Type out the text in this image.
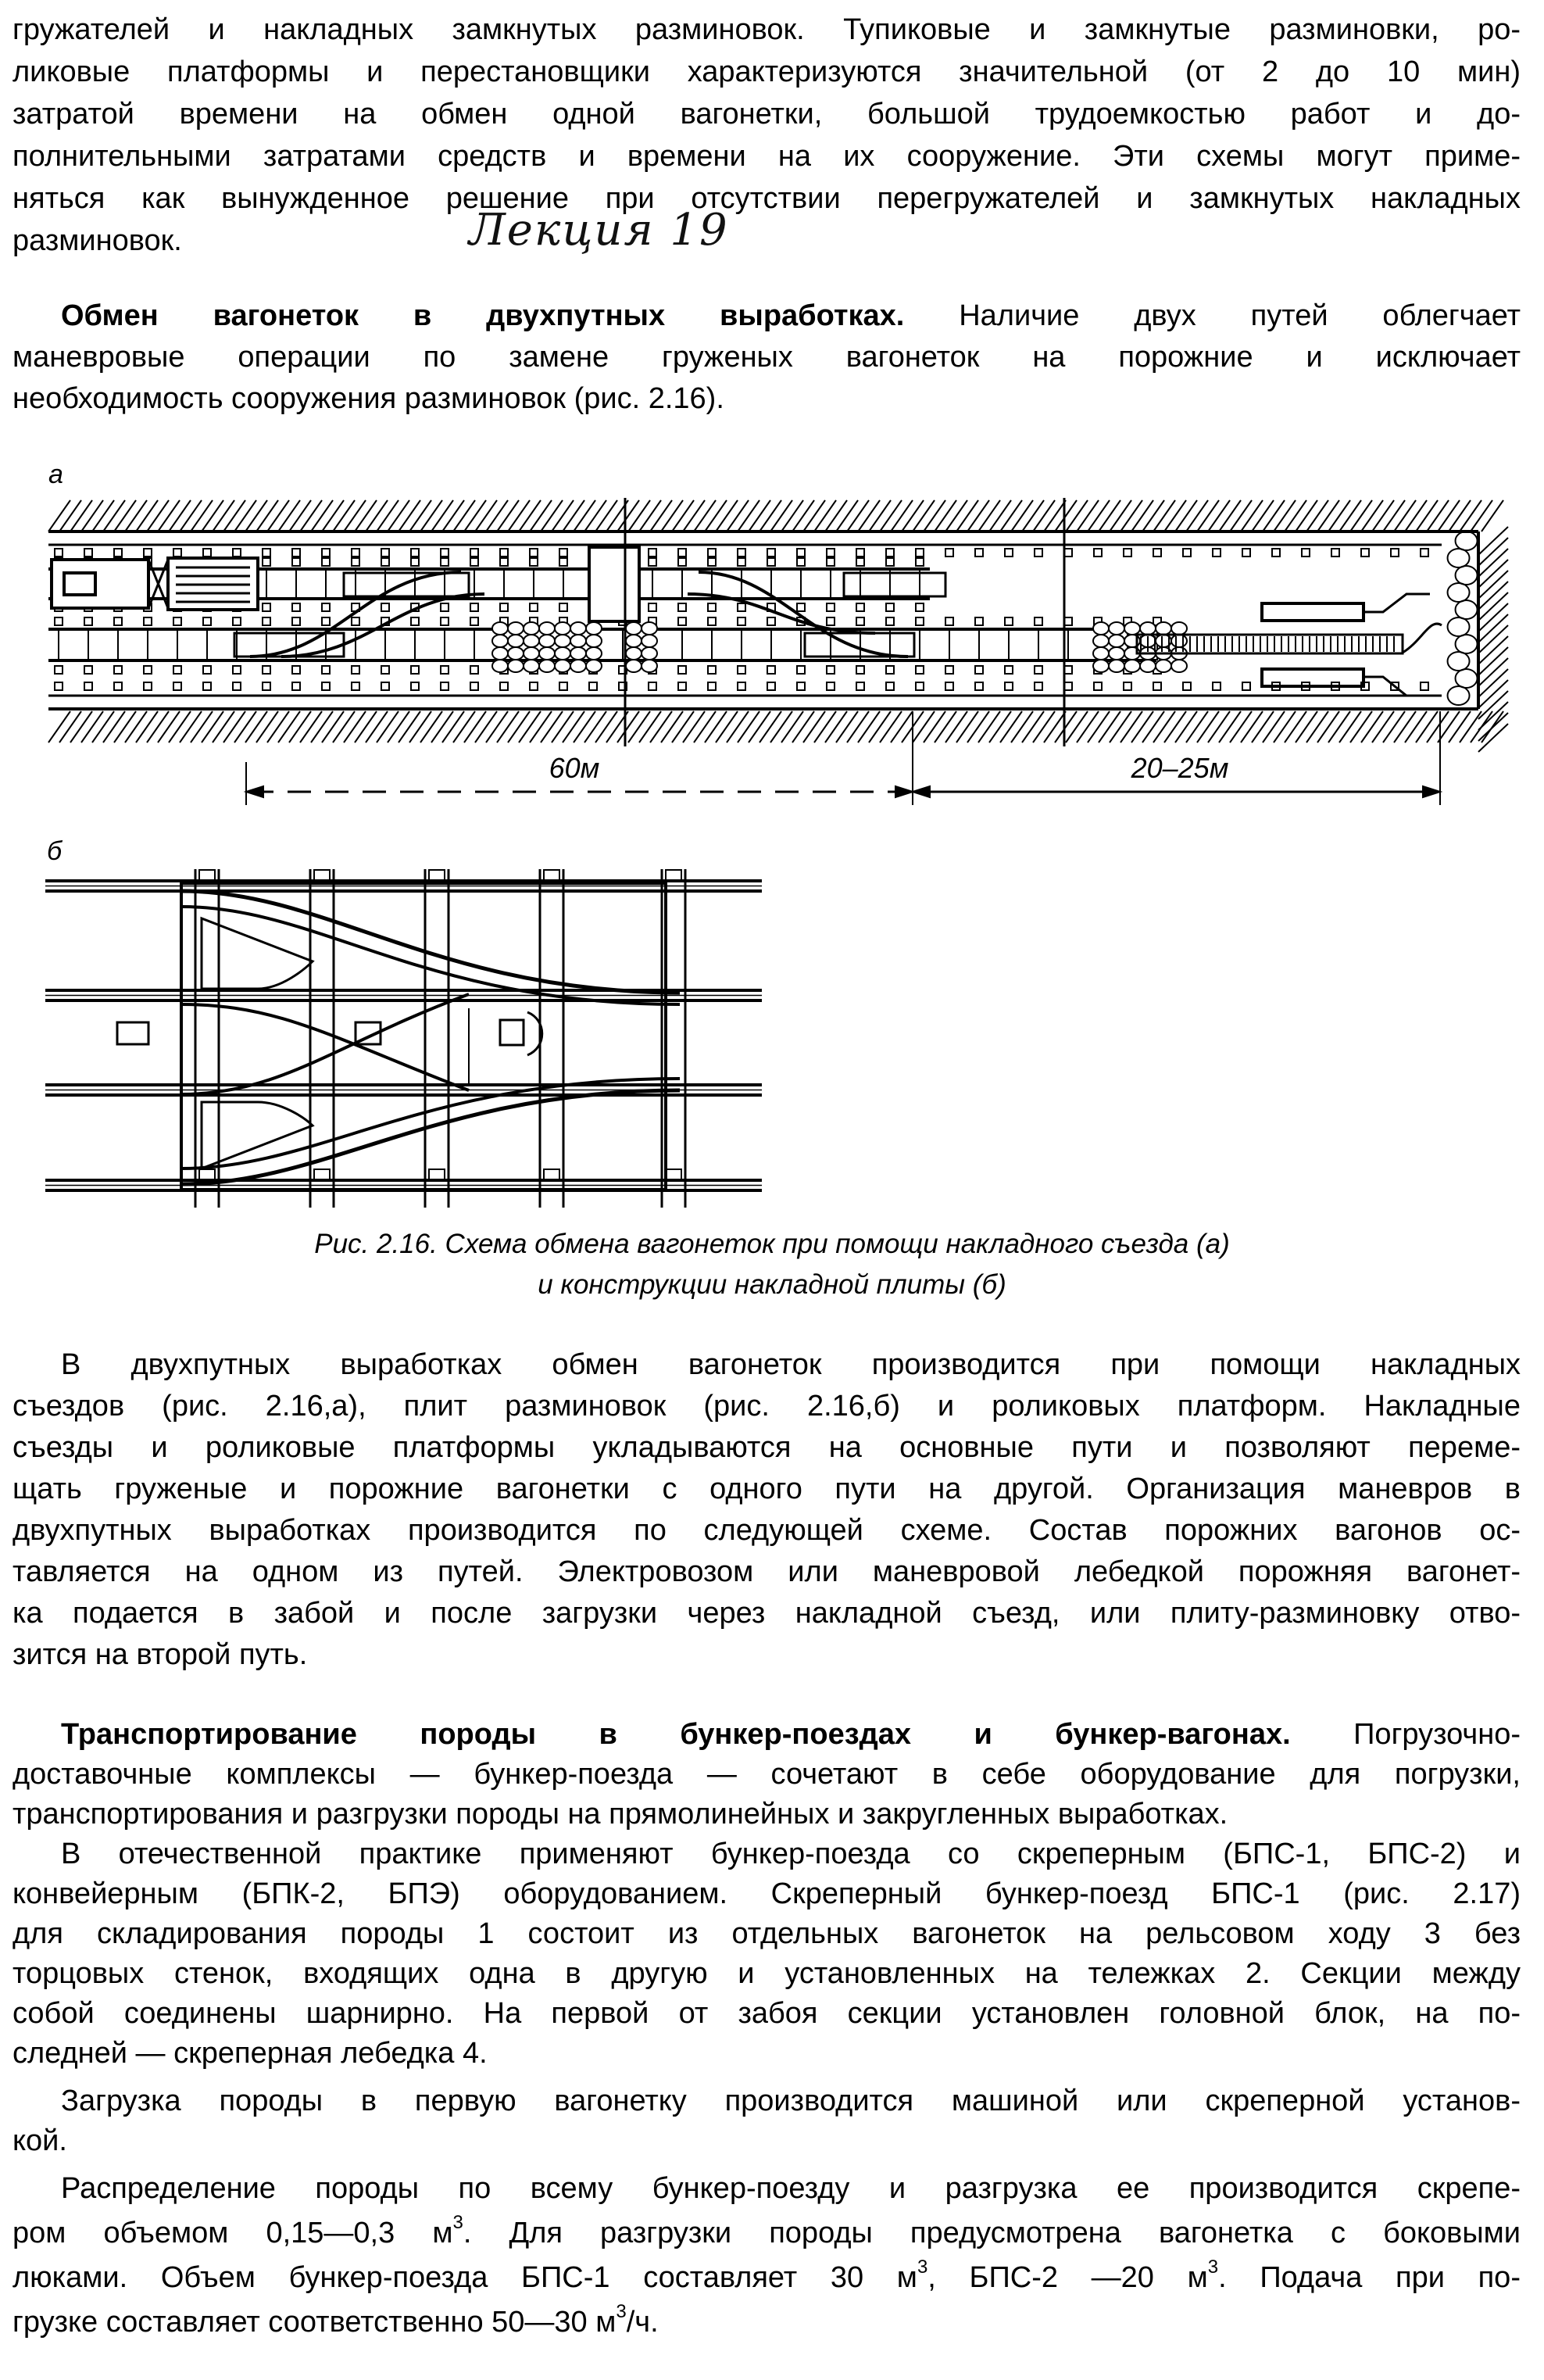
гружателей и накладных замкнутых разминовок. Тупиковые и замкнутые разминовки, ро-
ликовые платформы и перестановщики характеризуются значительной (от 2 до 10 мин)
затратой времени на обмен одной вагонетки, большой трудоемкостью работ и до-
полнительными затратами средств и времени на их сооружение. Эти схемы могут приме-
няться как вынужденное решение при отсутствии перегружателей и замкнутых накладных
разминовок.
Обмен вагонеток в двухпутных выработках. Наличие двух путей облегчает
маневровые операции по замене груженых вагонеток на порожние и исключает
необходимость сооружения разминовок (рис. 2.16).
В двухпутных выработках обмен вагонеток производится при помощи накладных
съездов (рис. 2.16,а), плит разминовок (рис. 2.16,б) и роликовых платформ. Накладные
съезды и роликовые платформы укладываются на основные пути и позволяют переме-
щать груженые и порожние вагонетки с одного пути на другой. Организация маневров в
двухпутных выработках производится по следующей схеме. Состав порожних вагонов ос-
тавляется на одном из путей. Электровозом или маневровой лебедкой порожняя вагонет-
ка подается в забой и после загрузки через накладной съезд, или плиту-разминовку отво-
зится на второй путь.
Транспортирование породы в бункер-поездах и бункер-вагонах. Погрузочно-
доставочные комплексы — бункер-поезда — сочетают в себе оборудование для погрузки,
транспортирования и разгрузки породы на прямолинейных и закругленных выработках.
В отечественной практике применяют бункер-поезда со скреперным (БПС-1, БПС-2) и
конвейерным (БПК-2, БПЭ) оборудованием. Скреперный бункер-поезд БПС-1 (рис. 2.17)
для складирования породы 1 состоит из отдельных вагонеток на рельсовом ходу 3 без
торцовых стенок, входящих одна в другую и установленных на тележках 2. Секции между
собой соединены шарнирно. На первой от забоя секции установлен головной блок, на по-
следней — скреперная лебедка 4.
Загрузка породы в первую вагонетку производится машиной или скреперной установ-
кой.
Распределение породы по всему бункер-поезду и разгрузка ее производится скрепе-
ром объемом 0,15—0,3 $м^3$. Для разгрузки породы предусмотрена вагонетка с боковыми
люками. Объем бункер-поезда БПС-1 составляет 30 $м^3$, БПС-2 —20 $м^3$. Подача при по-
грузке составляет соответственно 50—30 $м^3/ч$.
Лекция 19
Рис. 2.16. Схема обмена вагонеток при помощи накладного съезда (а)
и конструкции накладной плиты (б)
а
б
60м	20–25м
